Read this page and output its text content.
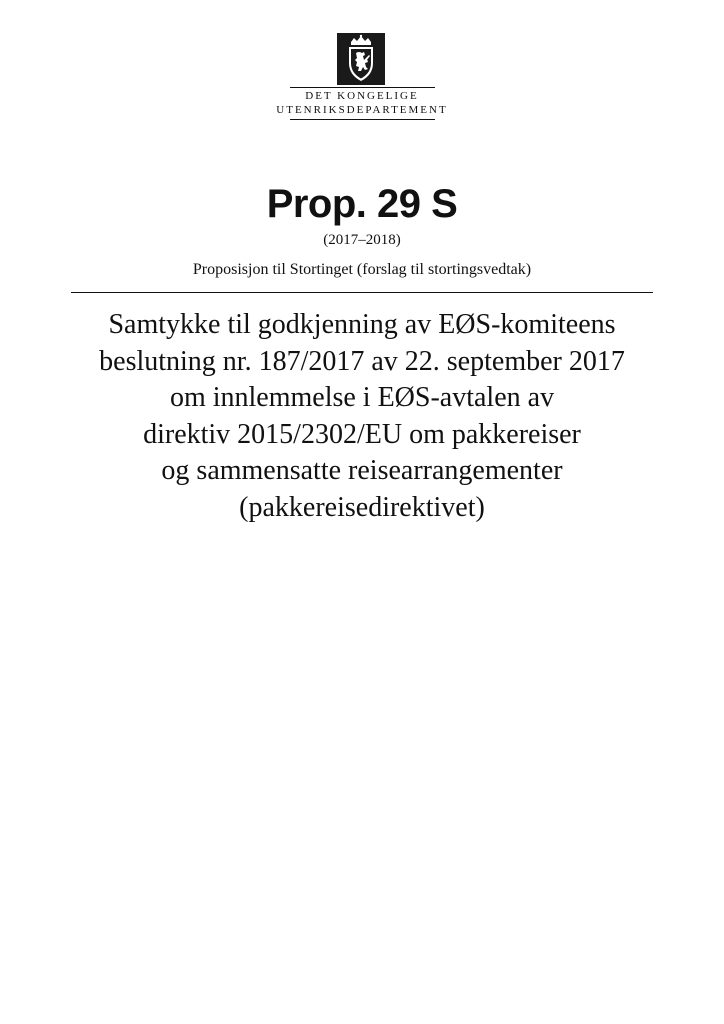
DET KONGELIGE
UTENRIKSDEPARTEMENT
Prop. 29 S
(2017–2018)
Proposisjon til Stortinget (forslag til stortingsvedtak)
Samtykke til godkjenning av EØS-komiteens
beslutning nr. 187/2017 av 22. september 2017
om innlemmelse i EØS-avtalen av
direktiv 2015/2302/EU om pakkereiser
og sammensatte reisearrangementer
(pakkereisedirektivet)
